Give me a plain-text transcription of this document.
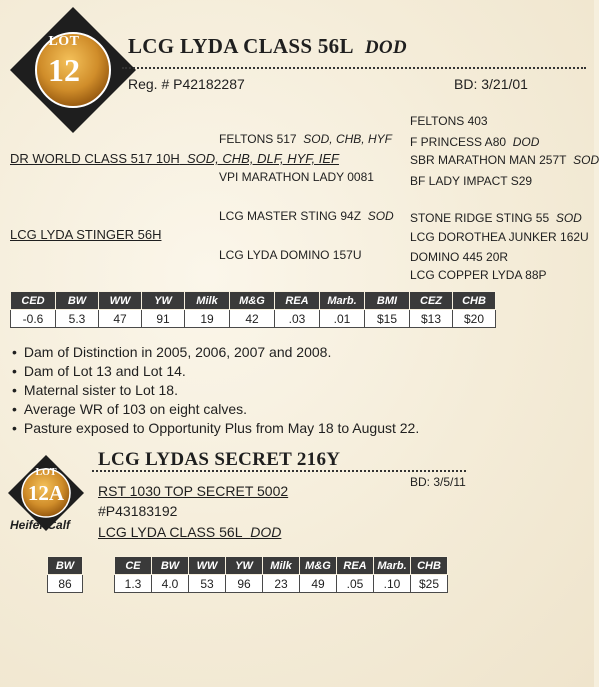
LOT
12
LCG LYDA CLASS 56L DOD
Reg. # P42182287	BD: 3/21/01
FELTONS 517 SOD, CHB, HYF
DR WORLD CLASS 517 10H SOD, CHB, DLF, HYF, IEF
VPI MARATHON LADY 0081
FELTONS 403
F PRINCESS A80 DOD
SBR MARATHON MAN 257T SOD
BF LADY IMPACT S29
LCG MASTER STING 94Z SOD
LCG LYDA STINGER 56H
LCG LYDA DOMINO 157U
STONE RIDGE STING 55 SOD
LCG DOROTHEA JUNKER 162U
DOMINO 445 20R
LCG COPPER LYDA 88P
CED	BW	WW	YW	Milk	M&G	REA	Marb.	BMI	CEZ	CHB
-0.6	5.3	47	91	19	42	.03	.01	$15	$13	$20
• Dam of Distinction in 2005, 2006, 2007 and 2008.
• Dam of Lot 13 and Lot 14.
• Maternal sister to Lot 18.
• Average WR of 103 on eight calves.
• Pasture exposed to Opportunity Plus from May 18 to August 22.
LOT
12A
Heifer Calf
LCG LYDAS SECRET 216Y
BD: 3/5/11
RST 1030 TOP SECRET 5002
#P43183192
LCG LYDA CLASS 56L DOD
BW
86
CE	BW	WW	YW	Milk	M&G	REA	Marb.	CHB
1.3	4.0	53	96	23	49	.05	.10	$25
